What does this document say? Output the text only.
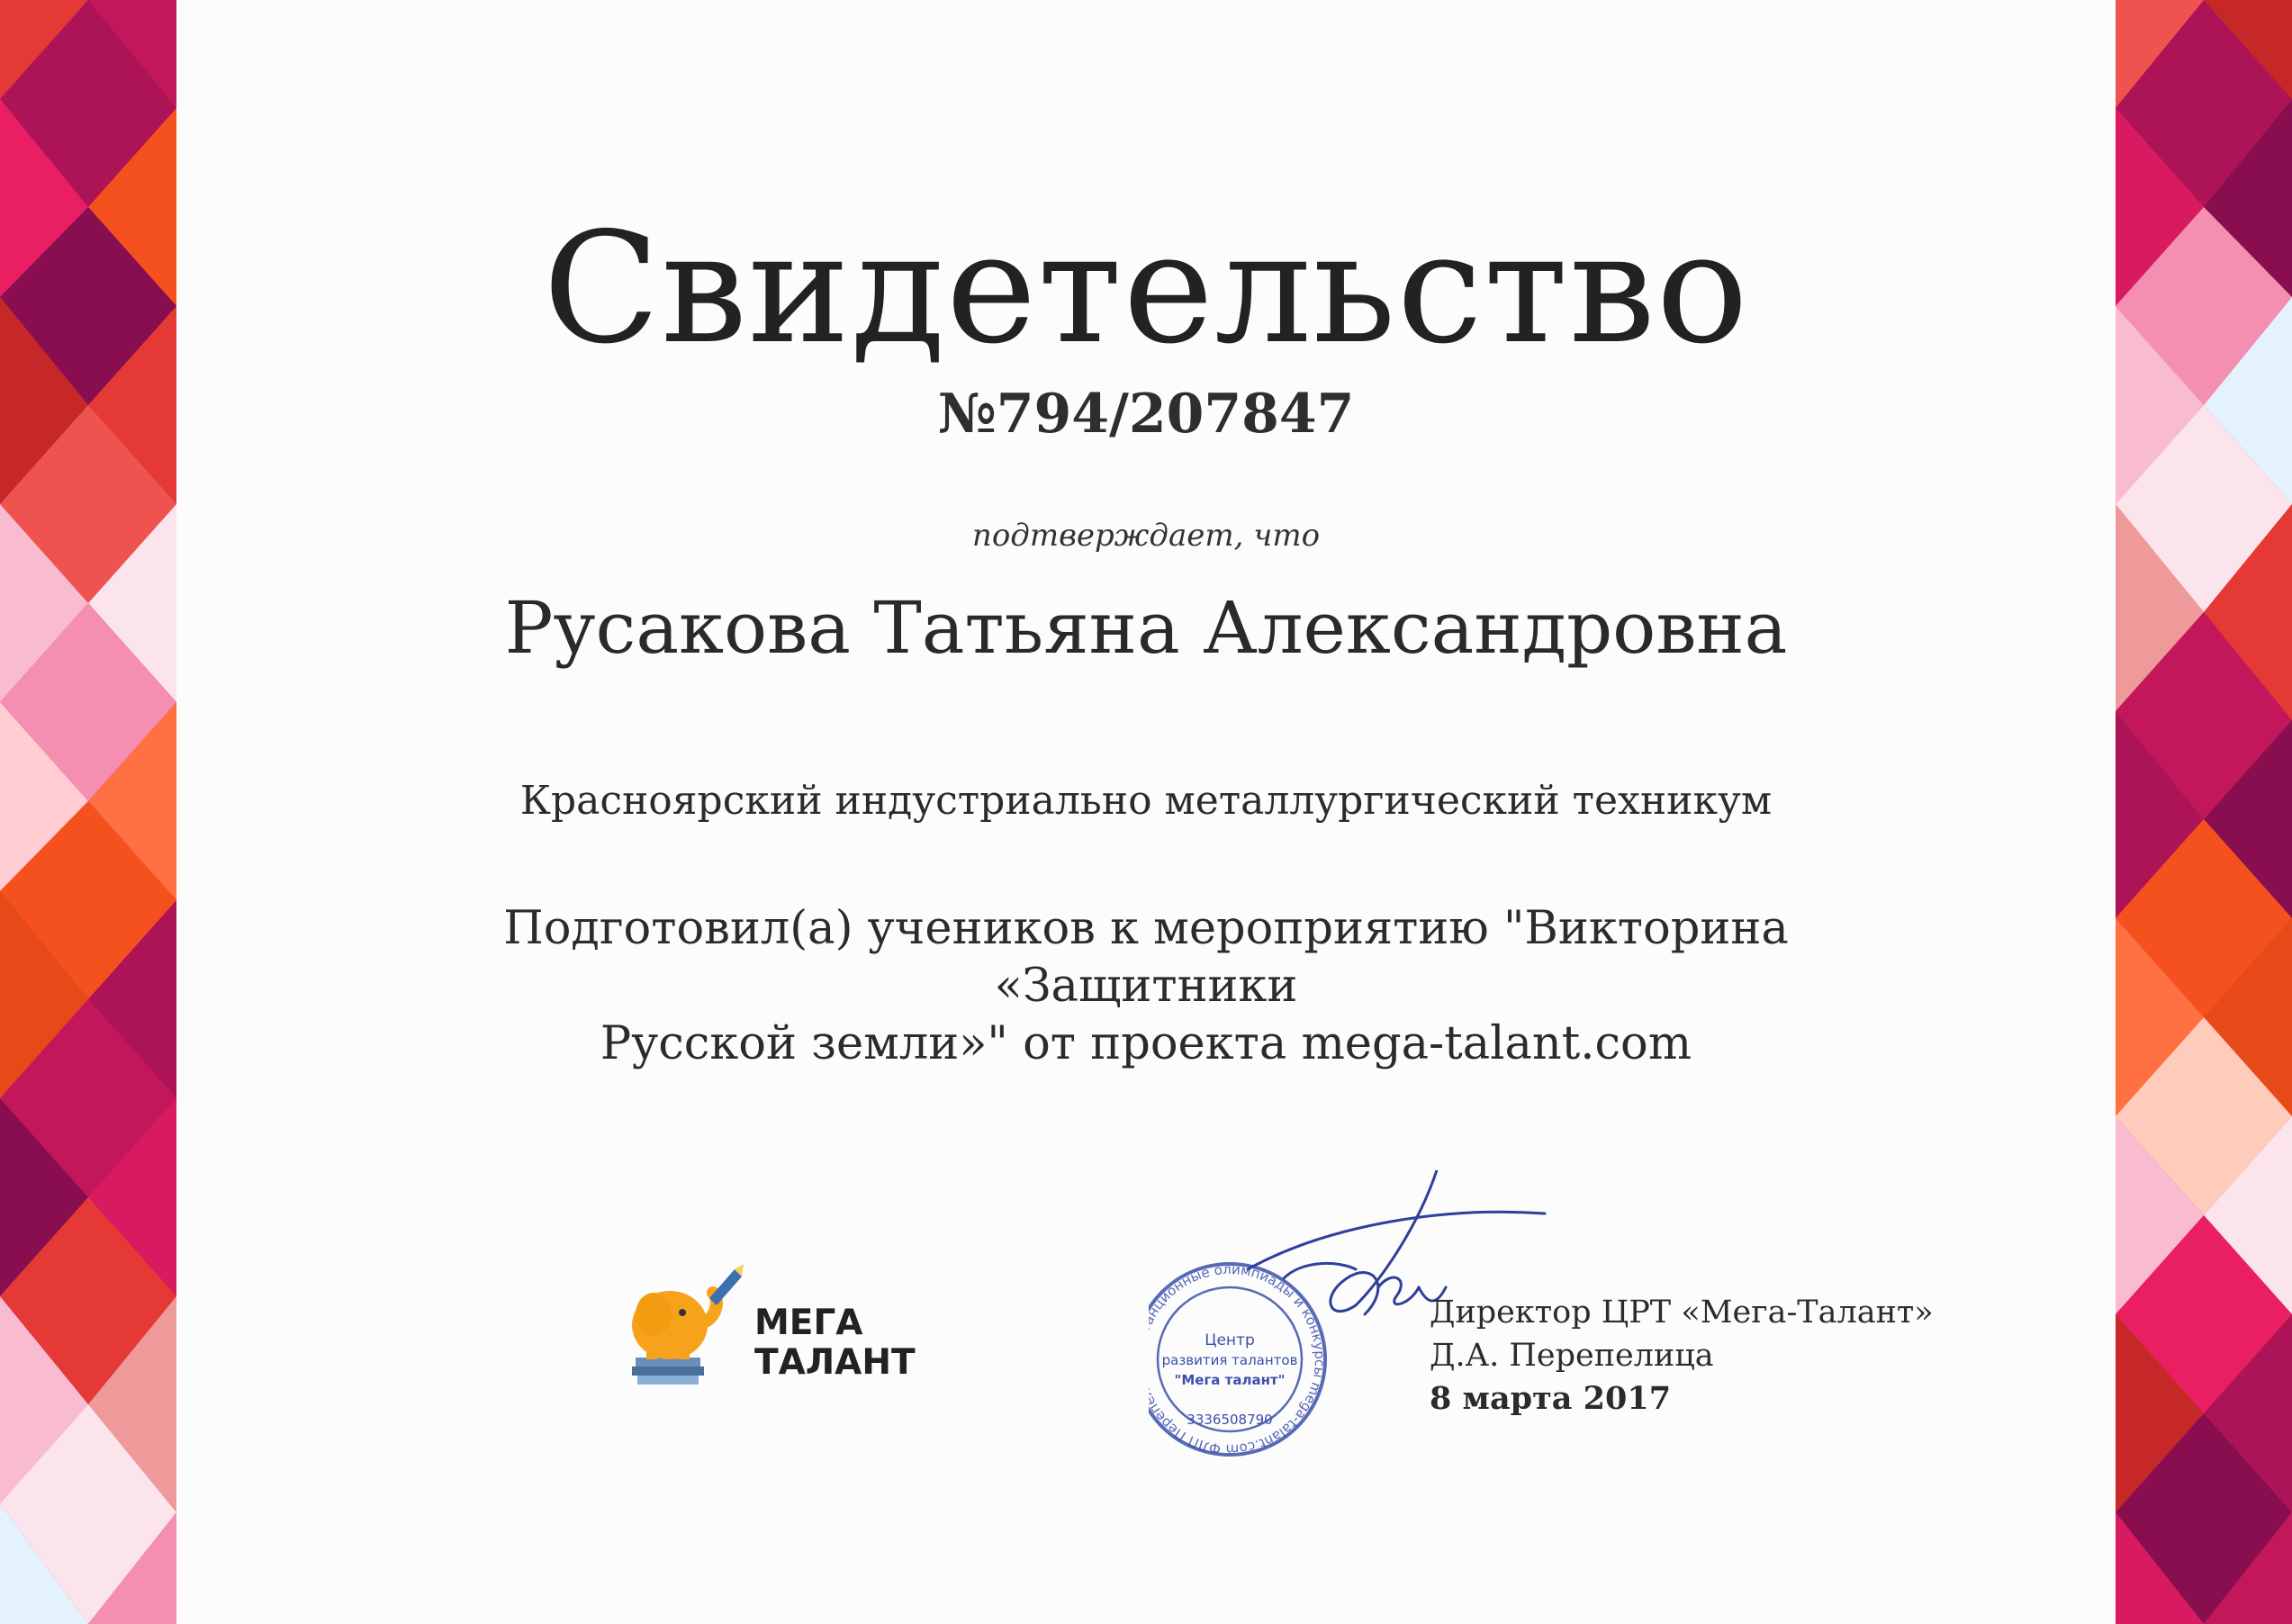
Свидетельство
№794/207847
подтверждает, что
Русакова Татьяна Александровна
Красноярский индустриально металлургический техникум
Подготовил(а) учеников к мероприятию "Викторина «Защитники
Русской земли»" от проекта mega-talant.com
МЕГА
ТАЛАНТ
ционные олимпиады и конкурсы mega-talant.com ФЛП Пере
Центр
развития талантов
"Мега талант"
3336508790
Директор ЦРТ «Мега-Талант»
Д.А. Перепелица
8 марта 2017
